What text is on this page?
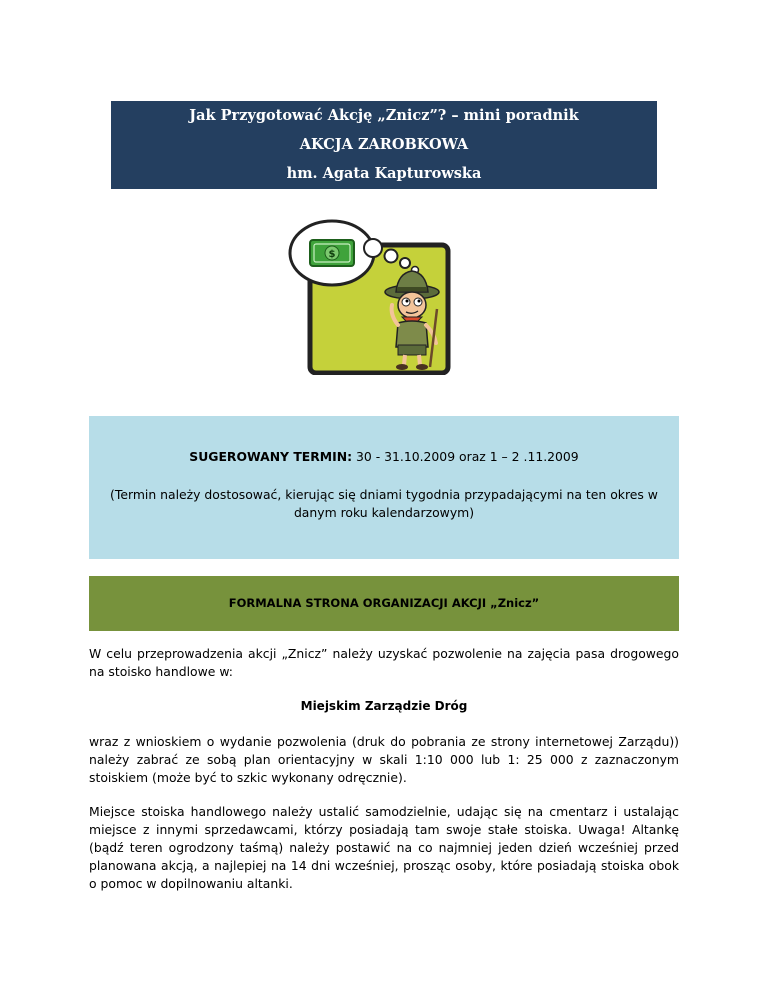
Jak Przygotować Akcję „Znicz”? – mini poradnik
AKCJA ZAROBKOWA
hm. Agata Kapturowska
$
SUGEROWANY TERMIN: 30 - 31.10.2009 oraz 1 – 2 .11.2009
(Termin należy dostosować, kierując się dniami tygodnia przypadającymi na ten okres w danym roku kalendarzowym)
FORMALNA STRONA ORGANIZACJI AKCJI „Znicz”

W celu przeprowadzenia akcji „Znicz” należy uzyskać pozwolenie na zajęcia pasa drogowego na stoisko handlowe w:

Miejskim Zarządzie Dróg

wraz z wnioskiem o wydanie pozwolenia (druk do pobrania ze strony internetowej Zarządu)) należy zabrać ze sobą plan orientacyjny w skali 1:10 000 lub 1: 25 000 z zaznaczonym stoiskiem (może być to szkic wykonany odręcznie).

Miejsce stoiska handlowego należy ustalić samodzielnie, udając się na cmentarz i ustalając miejsce z innymi sprzedawcami, którzy posiadają tam swoje stałe stoiska. Uwaga! Altankę (bądź teren ogrodzony taśmą) należy postawić na co najmniej jeden dzień wcześniej przed planowana akcją, a najlepiej na 14 dni wcześniej, prosząc osoby, które posiadają stoiska obok o pomoc w dopilnowaniu altanki.
